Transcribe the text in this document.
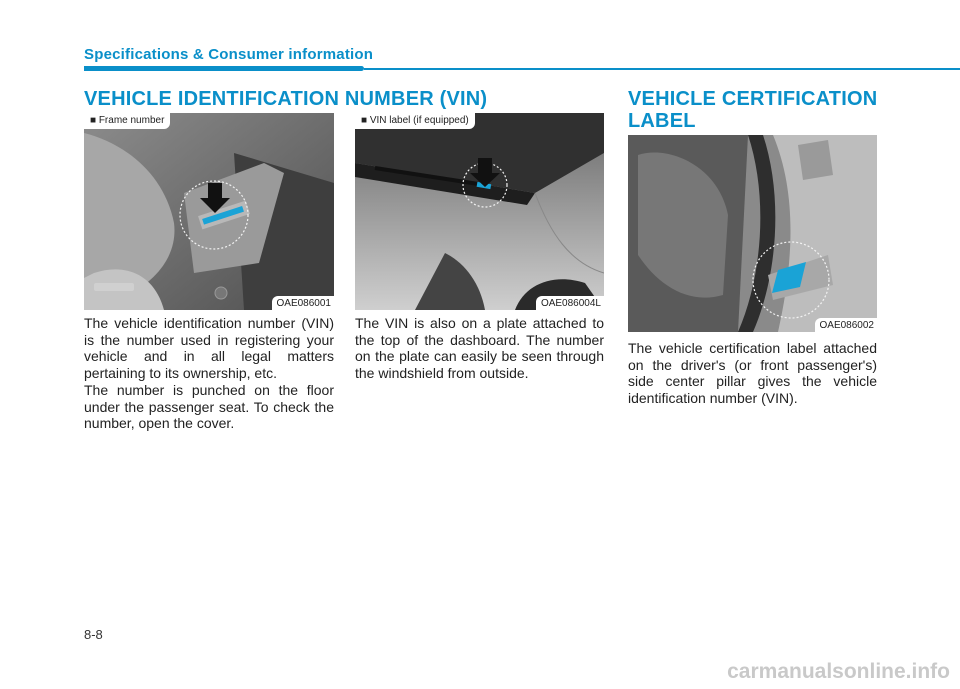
Specifications & Consumer information
VEHICLE IDENTIFICATION NUMBER (VIN)
■ Frame number
OAE086001
■ VIN label (if equipped)
OAE086004L

The vehicle identification number (VIN) is the number used in registering your vehicle and in all legal matters pertaining to its ownership, etc.

The number is punched on the floor under the passenger seat. To check the number, open the cover.

The VIN is also on a plate attached to the top of the dashboard. The number on the plate can easily be seen through the windshield from outside.

VEHICLE CERTIFICATION
LABEL
OAE086002

The vehicle certification label attached on the driver's (or front passenger's) side center pillar gives the vehicle identification number (VIN).

8-8
carmanualsonline.info
